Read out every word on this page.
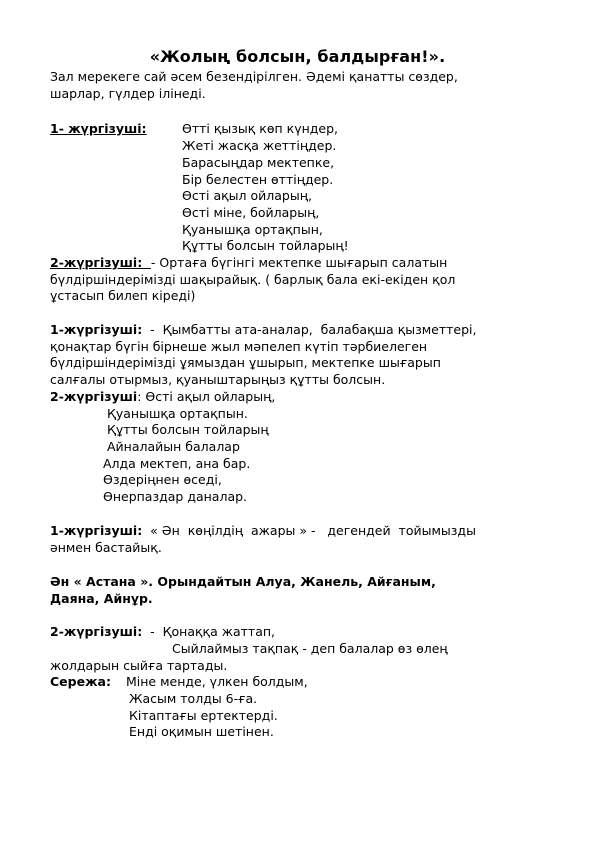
«Жолың болсын, балдырған!».
Зал мерекеге сай әсем безендірілген. Әдемі қанатты сөздер,
шарлар, гүлдер ілінеді.
1- жүргізуші:	Өтті қызық көп күндер,
Жеті жасқа жеттіңдер.
Барасыңдар мектепке,
Бір белестен өттіңдер.
Өсті ақыл ойларың,
Өсті міне, бойларың,
Қуанышқа ортақпын,
Құтты болсын тойларың!
2-жүргізуші:  - Ортаға бүгінгі мектепке шығарып салатын
бүлдіршіндерімізді шақырайық. ( барлық бала екі-екіден қол
ұстасып билеп кіреді)
1-жүргізуші:  -  Қымбатты ата-аналар,  балабақша қызметтері,
қонақтар бүгін бірнеше жыл мәпелеп күтіп тәрбиелеген
бүлдіршіндерімізді ұямыздан ұшырып, мектепке шығарып
салғалы отырмыз, қуаныштарыңыз құтты болсын.
2-жүргізуші: Өсті ақыл ойларың,
Қуанышқа ортақпын.
Құтты болсын тойларың
Айналайын балалар
Алда мектеп, ана бар.
Өздеріңнен өседі,
Өнерпаздар даналар.
1-жүргізуші:  « Ән  көңілдің  ажары » -   дегендей  тойымызды
әнмен бастайық.
Ән « Астана ». Орындайтын Алуа, Жанель, Айғаным,
Даяна, Айнұр.
2-жүргізуші:  -  Қонаққа жаттап,
Сыйлаймыз тақпақ - деп балалар өз өлең
жолдарын сыйға тартады.
Сережа: Міне менде, үлкен болдым,
Жасым толды 6-ға.
Кітаптағы ертектерді.
Енді оқимын шетінен.
